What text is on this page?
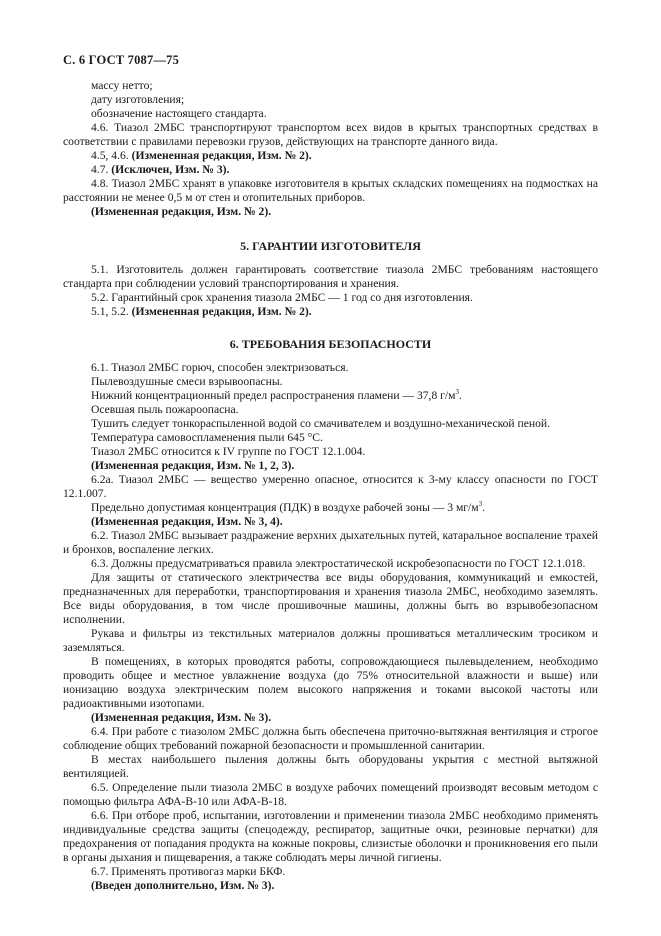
С. 6 ГОСТ 7087—75

массу нетто;

дату изготовления;

обозначение настоящего стандарта.

4.6. Тиазол 2МБС транспортируют транспортом всех видов в крытых транспортных средствах в соответствии с правилами перевозки грузов, действующих на транспорте данного вида.

4.5, 4.6. (Измененная редакция, Изм. № 2).

4.7. (Исключен, Изм. № 3).

4.8. Тиазол 2МБС хранят в упаковке изготовителя в крытых складских помещениях на подмостках на расстоянии не менее 0,5 м от стен и отопительных приборов.

(Измененная редакция, Изм. № 2).

5. ГАРАНТИИ ИЗГОТОВИТЕЛЯ

5.1. Изготовитель должен гарантировать соответствие тиазола 2МБС требованиям настоящего стандарта при соблюдении условий транспортирования и хранения.

5.2. Гарантийный срок хранения тиазола 2МБС — 1 год со дня изготовления.

5.1, 5.2. (Измененная редакция, Изм. № 2).

6. ТРЕБОВАНИЯ БЕЗОПАСНОСТИ

6.1. Тиазол 2МБС горюч, способен электризоваться.

Пылевоздушные смеси взрывоопасны.

Нижний концентрационный предел распространения пламени — 37,8 $г/м^3$.

Осевшая пыль пожароопасна.

Тушить следует тонкораспыленной водой со смачивателем и воздушно-механической пеной.

Температура самовоспламенения пыли 645 °С.

Тиазол 2МБС относится к IV группе по ГОСТ 12.1.004.

(Измененная редакция, Изм. № 1, 2, 3).

6.2а. Тиазол 2МБС — вещество умеренно опасное, относится к 3-му классу опасности по ГОСТ 12.1.007.

Предельно допустимая концентрация (ПДК) в воздухе рабочей зоны — 3 $мг/м^3$.

(Измененная редакция, Изм. № 3, 4).

6.2. Тиазол 2МБС вызывает раздражение верхних дыхательных путей, катаральное воспаление трахей и бронхов, воспаление легких.

6.3. Должны предусматриваться правила электростатической искробезопасности по ГОСТ 12.1.018.

Для защиты от статического электричества все виды оборудования, коммуникаций и емкостей, предназначенных для переработки, транспортирования и хранения тиазола 2МБС, необходимо заземлять. Все виды оборудования, в том числе прошивочные машины, должны быть во взрывобезопасном исполнении.

Рукава и фильтры из текстильных материалов должны прошиваться металлическим тросиком и заземляться.

В помещениях, в которых проводятся работы, сопровождающиеся пылевыделением, необходимо проводить общее и местное увлажнение воздуха (до 75% относительной влажности и выше) или ионизацию воздуха электрическим полем высокого напряжения и токами высокой частоты или радиоактивными изотопами.

(Измененная редакция, Изм. № 3).

6.4. При работе с тиазолом 2МБС должна быть обеспечена приточно-вытяжная вентиляция и строгое соблюдение общих требований пожарной безопасности и промышленной санитарии.

В местах наибольшего пыления должны быть оборудованы укрытия с местной вытяжной вентиляцией.

6.5. Определение пыли тиазола 2МБС в воздухе рабочих помещений производят весовым методом с помощью фильтра АФА-В-10 или АФА-В-18.

6.6. При отборе проб, испытании, изготовлении и применении тиазола 2МБС необходимо применять индивидуальные средства защиты (спецодежду, респиратор, защитные очки, резиновые перчатки) для предохранения от попадания продукта на кожные покровы, слизистые оболочки и проникновения его пыли в органы дыхания и пищеварения, а также соблюдать меры личной гигиены.

6.7. Применять противогаз марки БКФ.

(Введен дополнительно, Изм. № 3).
